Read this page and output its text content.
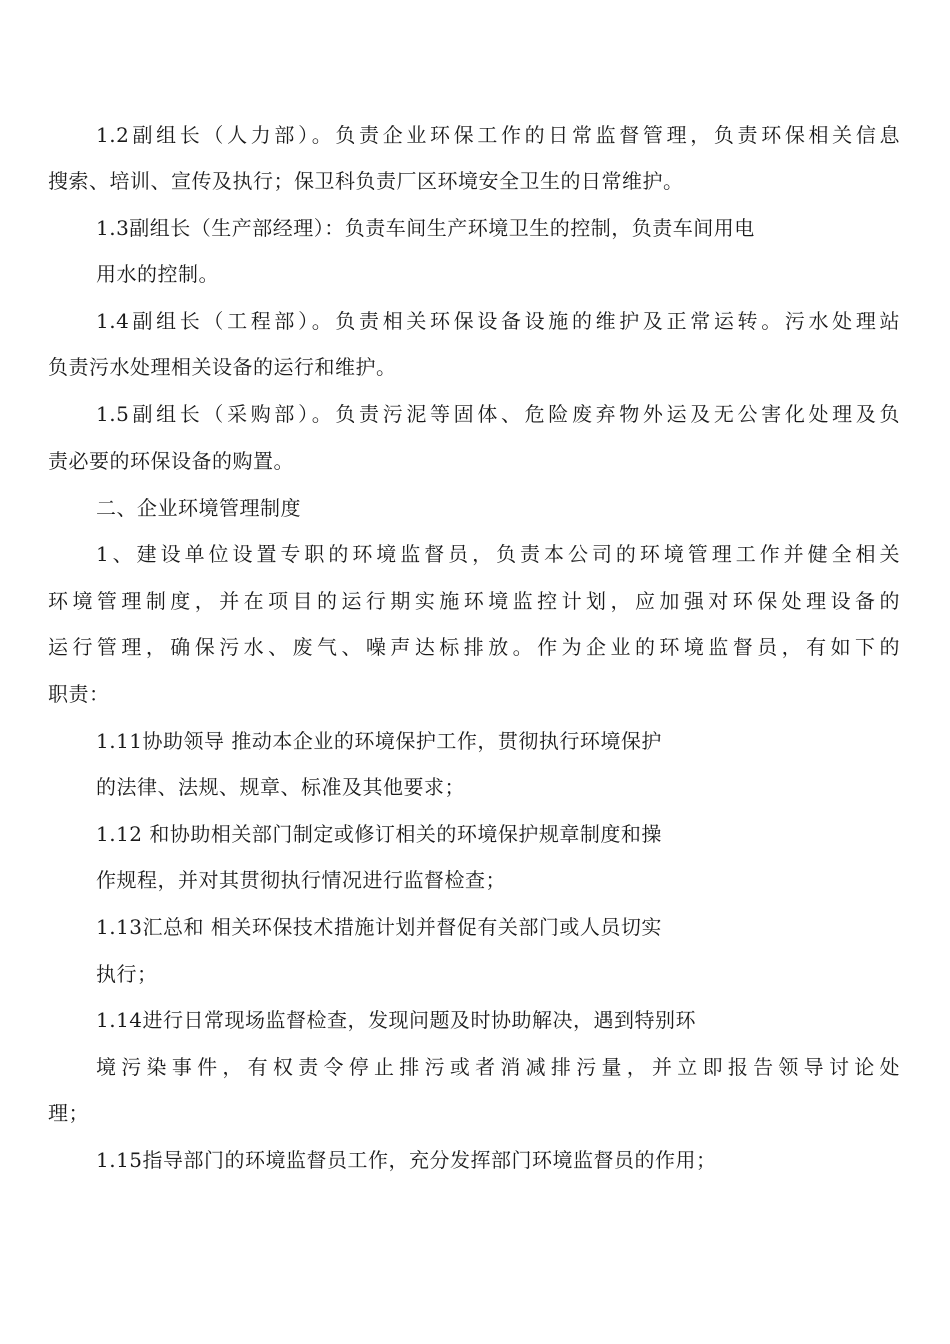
1.2副组长（人力部）。负责企业环保工作的日常监督管理，负责环保相关信息
搜索、培训、宣传及执行；保卫科负责厂区环境安全卫生的日常维护。
1.3副组长（生产部经理）：负责车间生产环境卫生的控制，负责车间用电
用水的控制。
1.4副组长（工程部）。负责相关环保设备设施的维护及正常运转。污水处理站
负责污水处理相关设备的运行和维护。
1.5副组长（采购部）。负责污泥等固体、危险废弃物外运及无公害化处理及负
责必要的环保设备的购置。
二、企业环境管理制度
1、建设单位设置专职的环境监督员，负责本公司的环境管理工作并健全相关
环境管理制度，并在项目的运行期实施环境监控计划，应加强对环保处理设备的
运行管理，确保污水、废气、噪声达标排放。作为企业的环境监督员，有如下的
职责：
1.11协助领导 推动本企业的环境保护工作，贯彻执行环境保护
的法律、法规、规章、标准及其他要求；
1.12 和协助相关部门制定或修订相关的环境保护规章制度和操
作规程，并对其贯彻执行情况进行监督检查；
1.13汇总和 相关环保技术措施计划并督促有关部门或人员切实
执行；
1.14进行日常现场监督检查，发现问题及时协助解决，遇到特别环
境污染事件，有权责令停止排污或者消减排污量，并立即报告领导讨论处
理；
1.15指导部门的环境监督员工作，充分发挥部门环境监督员的作用；
